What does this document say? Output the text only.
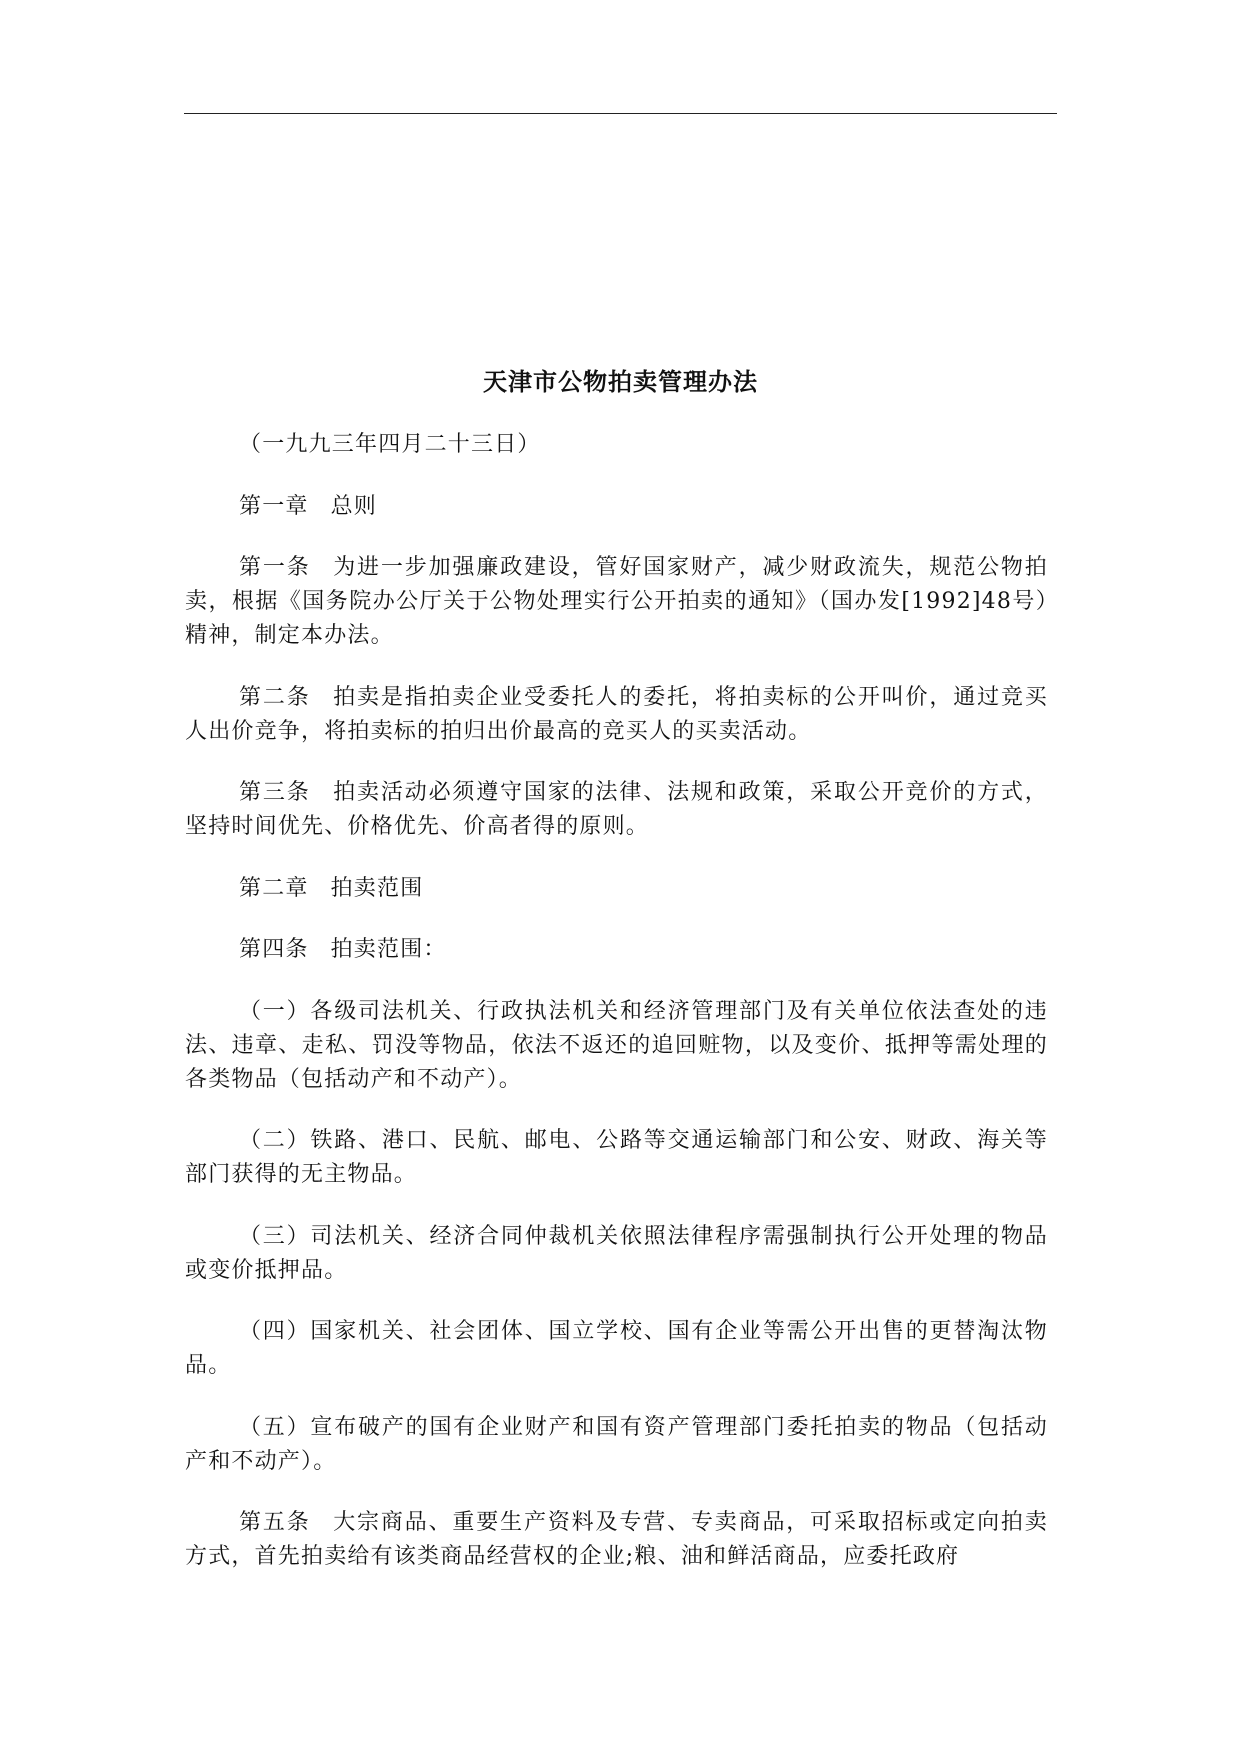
天津市公物拍卖管理办法

（一九九三年四月二十三日）

第一章 总则

第一条 为进一步加强廉政建设，管好国家财产，减少财政流失，规范公物拍卖，根据《国务院办公厅关于公物处理实行公开拍卖的通知》（国办发[1992]48号）精神，制定本办法。

第二条 拍卖是指拍卖企业受委托人的委托，将拍卖标的公开叫价，通过竞买人出价竞争，将拍卖标的拍归出价最高的竞买人的买卖活动。

第三条 拍卖活动必须遵守国家的法律、法规和政策，采取公开竞价的方式，坚持时间优先、价格优先、价高者得的原则。

第二章 拍卖范围

第四条 拍卖范围：

（一）各级司法机关、行政执法机关和经济管理部门及有关单位依法查处的违法、违章、走私、罚没等物品，依法不返还的追回赃物，以及变价、抵押等需处理的各类物品（包括动产和不动产）。

（二）铁路、港口、民航、邮电、公路等交通运输部门和公安、财政、海关等部门获得的无主物品。

（三）司法机关、经济合同仲裁机关依照法律程序需强制执行公开处理的物品或变价抵押品。

（四）国家机关、社会团体、国立学校、国有企业等需公开出售的更替淘汰物品。

（五）宣布破产的国有企业财产和国有资产管理部门委托拍卖的物品（包括动产和不动产）。

第五条 大宗商品、重要生产资料及专营、专卖商品，可采取招标或定向拍卖方式，首先拍卖给有该类商品经营权的企业;粮、油和鲜活商品，应委托政府
